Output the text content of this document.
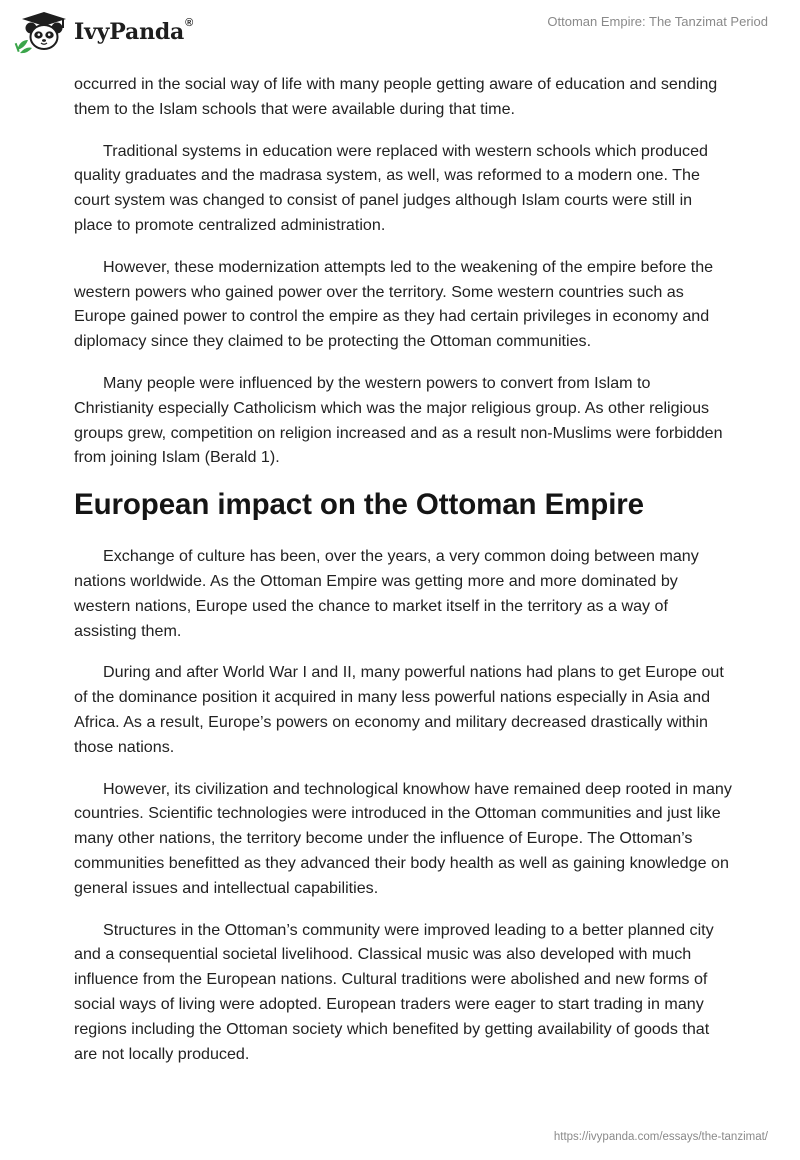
IvyPanda®	Ottoman Empire: The Tanzimat Period

occurred in the social way of life with many people getting aware of education and sending them to the Islam schools that were available during that time.

Traditional systems in education were replaced with western schools which produced quality graduates and the madrasa system, as well, was reformed to a modern one. The court system was changed to consist of panel judges although Islam courts were still in place to promote centralized administration.

However, these modernization attempts led to the weakening of the empire before the western powers who gained power over the territory. Some western countries such as Europe gained power to control the empire as they had certain privileges in economy and diplomacy since they claimed to be protecting the Ottoman communities.

Many people were influenced by the western powers to convert from Islam to Christianity especially Catholicism which was the major religious group. As other religious groups grew, competition on religion increased and as a result non-Muslims were forbidden from joining Islam (Berald 1).

European impact on the Ottoman Empire

Exchange of culture has been, over the years, a very common doing between many nations worldwide. As the Ottoman Empire was getting more and more dominated by western nations, Europe used the chance to market itself in the territory as a way of assisting them.

During and after World War I and II, many powerful nations had plans to get Europe out of the dominance position it acquired in many less powerful nations especially in Asia and Africa. As a result, Europe’s powers on economy and military decreased drastically within those nations.

However, its civilization and technological knowhow have remained deep rooted in many countries. Scientific technologies were introduced in the Ottoman communities and just like many other nations, the territory become under the influence of Europe. The Ottoman’s communities benefitted as they advanced their body health as well as gaining knowledge on general issues and intellectual capabilities.

Structures in the Ottoman’s community were improved leading to a better planned city and a consequential societal livelihood. Classical music was also developed with much influence from the European nations. Cultural traditions were abolished and new forms of social ways of living were adopted. European traders were eager to start trading in many regions including the Ottoman society which benefited by getting availability of goods that are not locally produced.

https://ivypanda.com/essays/the-tanzimat/
